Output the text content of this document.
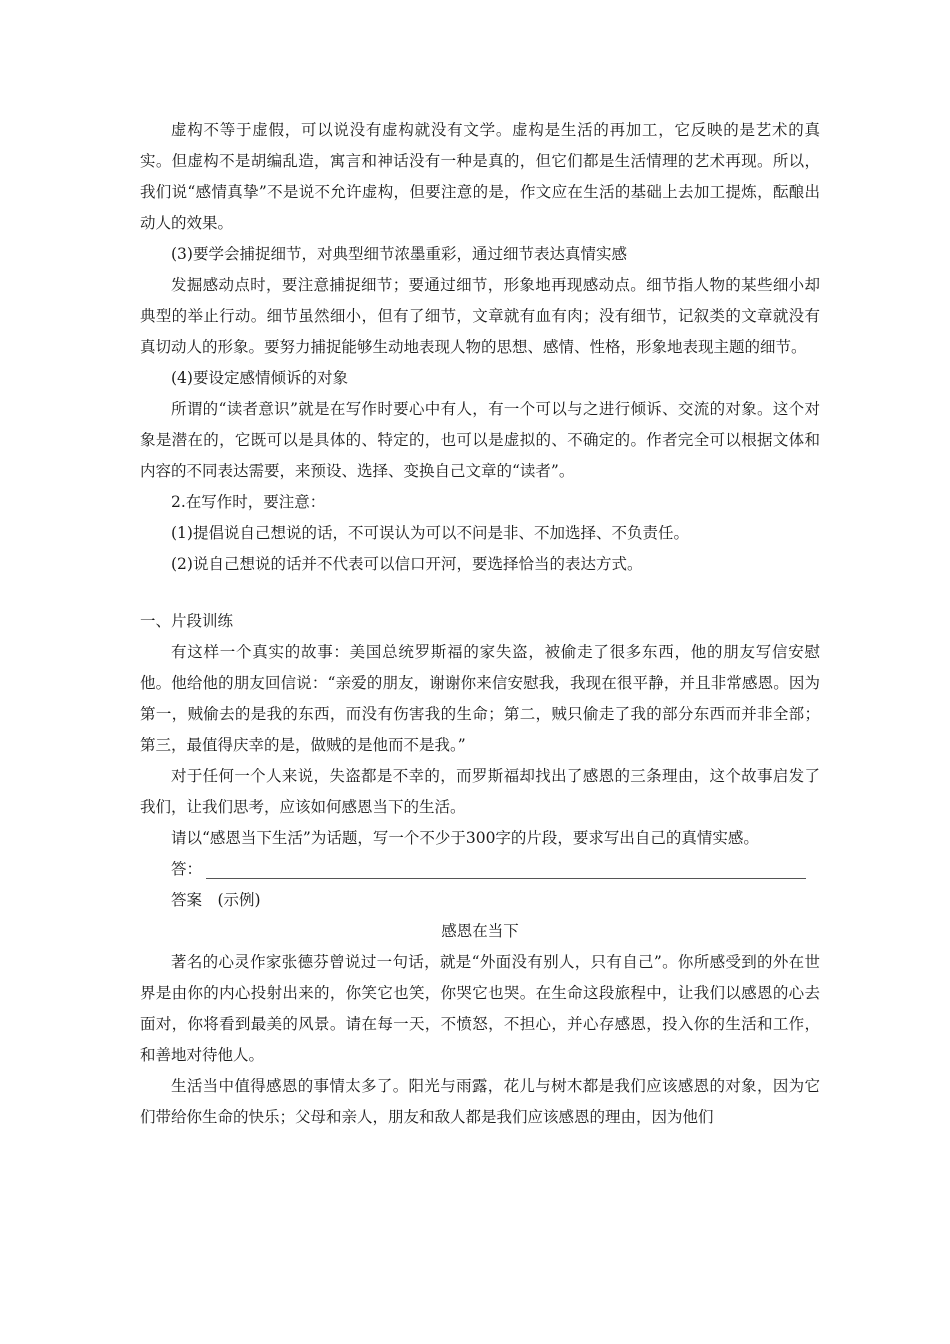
虚构不等于虚假，可以说没有虚构就没有文学。虚构是生活的再加工，它反映的是艺术的真实。但虚构不是胡编乱造，寓言和神话没有一种是真的，但它们都是生活情理的艺术再现。所以，我们说“感情真挚”不是说不允许虚构，但要注意的是，作文应在生活的基础上去加工提炼，酝酿出动人的效果。

(3)要学会捕捉细节，对典型细节浓墨重彩，通过细节表达真情实感

发掘感动点时，要注意捕捉细节；要通过细节，形象地再现感动点。细节指人物的某些细小却典型的举止行动。细节虽然细小，但有了细节，文章就有血有肉；没有细节，记叙类的文章就没有真切动人的形象。要努力捕捉能够生动地表现人物的思想、感情、性格，形象地表现主题的细节。

(4)要设定感情倾诉的对象

所谓的“读者意识”就是在写作时要心中有人，有一个可以与之进行倾诉、交流的对象。这个对象是潜在的，它既可以是具体的、特定的，也可以是虚拟的、不确定的。作者完全可以根据文体和内容的不同表达需要，来预设、选择、变换自己文章的“读者”。

2.在写作时，要注意：

(1)提倡说自己想说的话，不可误认为可以不问是非、不加选择、不负责任。

(2)说自己想说的话并不代表可以信口开河，要选择恰当的表达方式。

一、片段训练

有这样一个真实的故事：美国总统罗斯福的家失盗，被偷走了很多东西，他的朋友写信安慰他。他给他的朋友回信说：“亲爱的朋友，谢谢你来信安慰我，我现在很平静，并且非常感恩。因为第一，贼偷去的是我的东西，而没有伤害我的生命；第二，贼只偷走了我的部分东西而并非全部；第三，最值得庆幸的是，做贼的是他而不是我。”

对于任何一个人来说，失盗都是不幸的，而罗斯福却找出了感恩的三条理由，这个故事启发了我们，让我们思考，应该如何感恩当下的生活。

请以“感恩当下生活”为话题，写一个不少于300字的片段，要求写出自己的真情实感。

答：

答案　(示例)

感恩在当下

著名的心灵作家张德芬曾说过一句话，就是“外面没有别人，只有自己”。你所感受到的外在世界是由你的内心投射出来的，你笑它也笑，你哭它也哭。在生命这段旅程中，让我们以感恩的心去面对，你将看到最美的风景。请在每一天，不愤怒，不担心，并心存感恩，投入你的生活和工作，和善地对待他人。

生活当中值得感恩的事情太多了。阳光与雨露，花儿与树木都是我们应该感恩的对象，因为它们带给你生命的快乐；父母和亲人，朋友和敌人都是我们应该感恩的理由，因为他们
